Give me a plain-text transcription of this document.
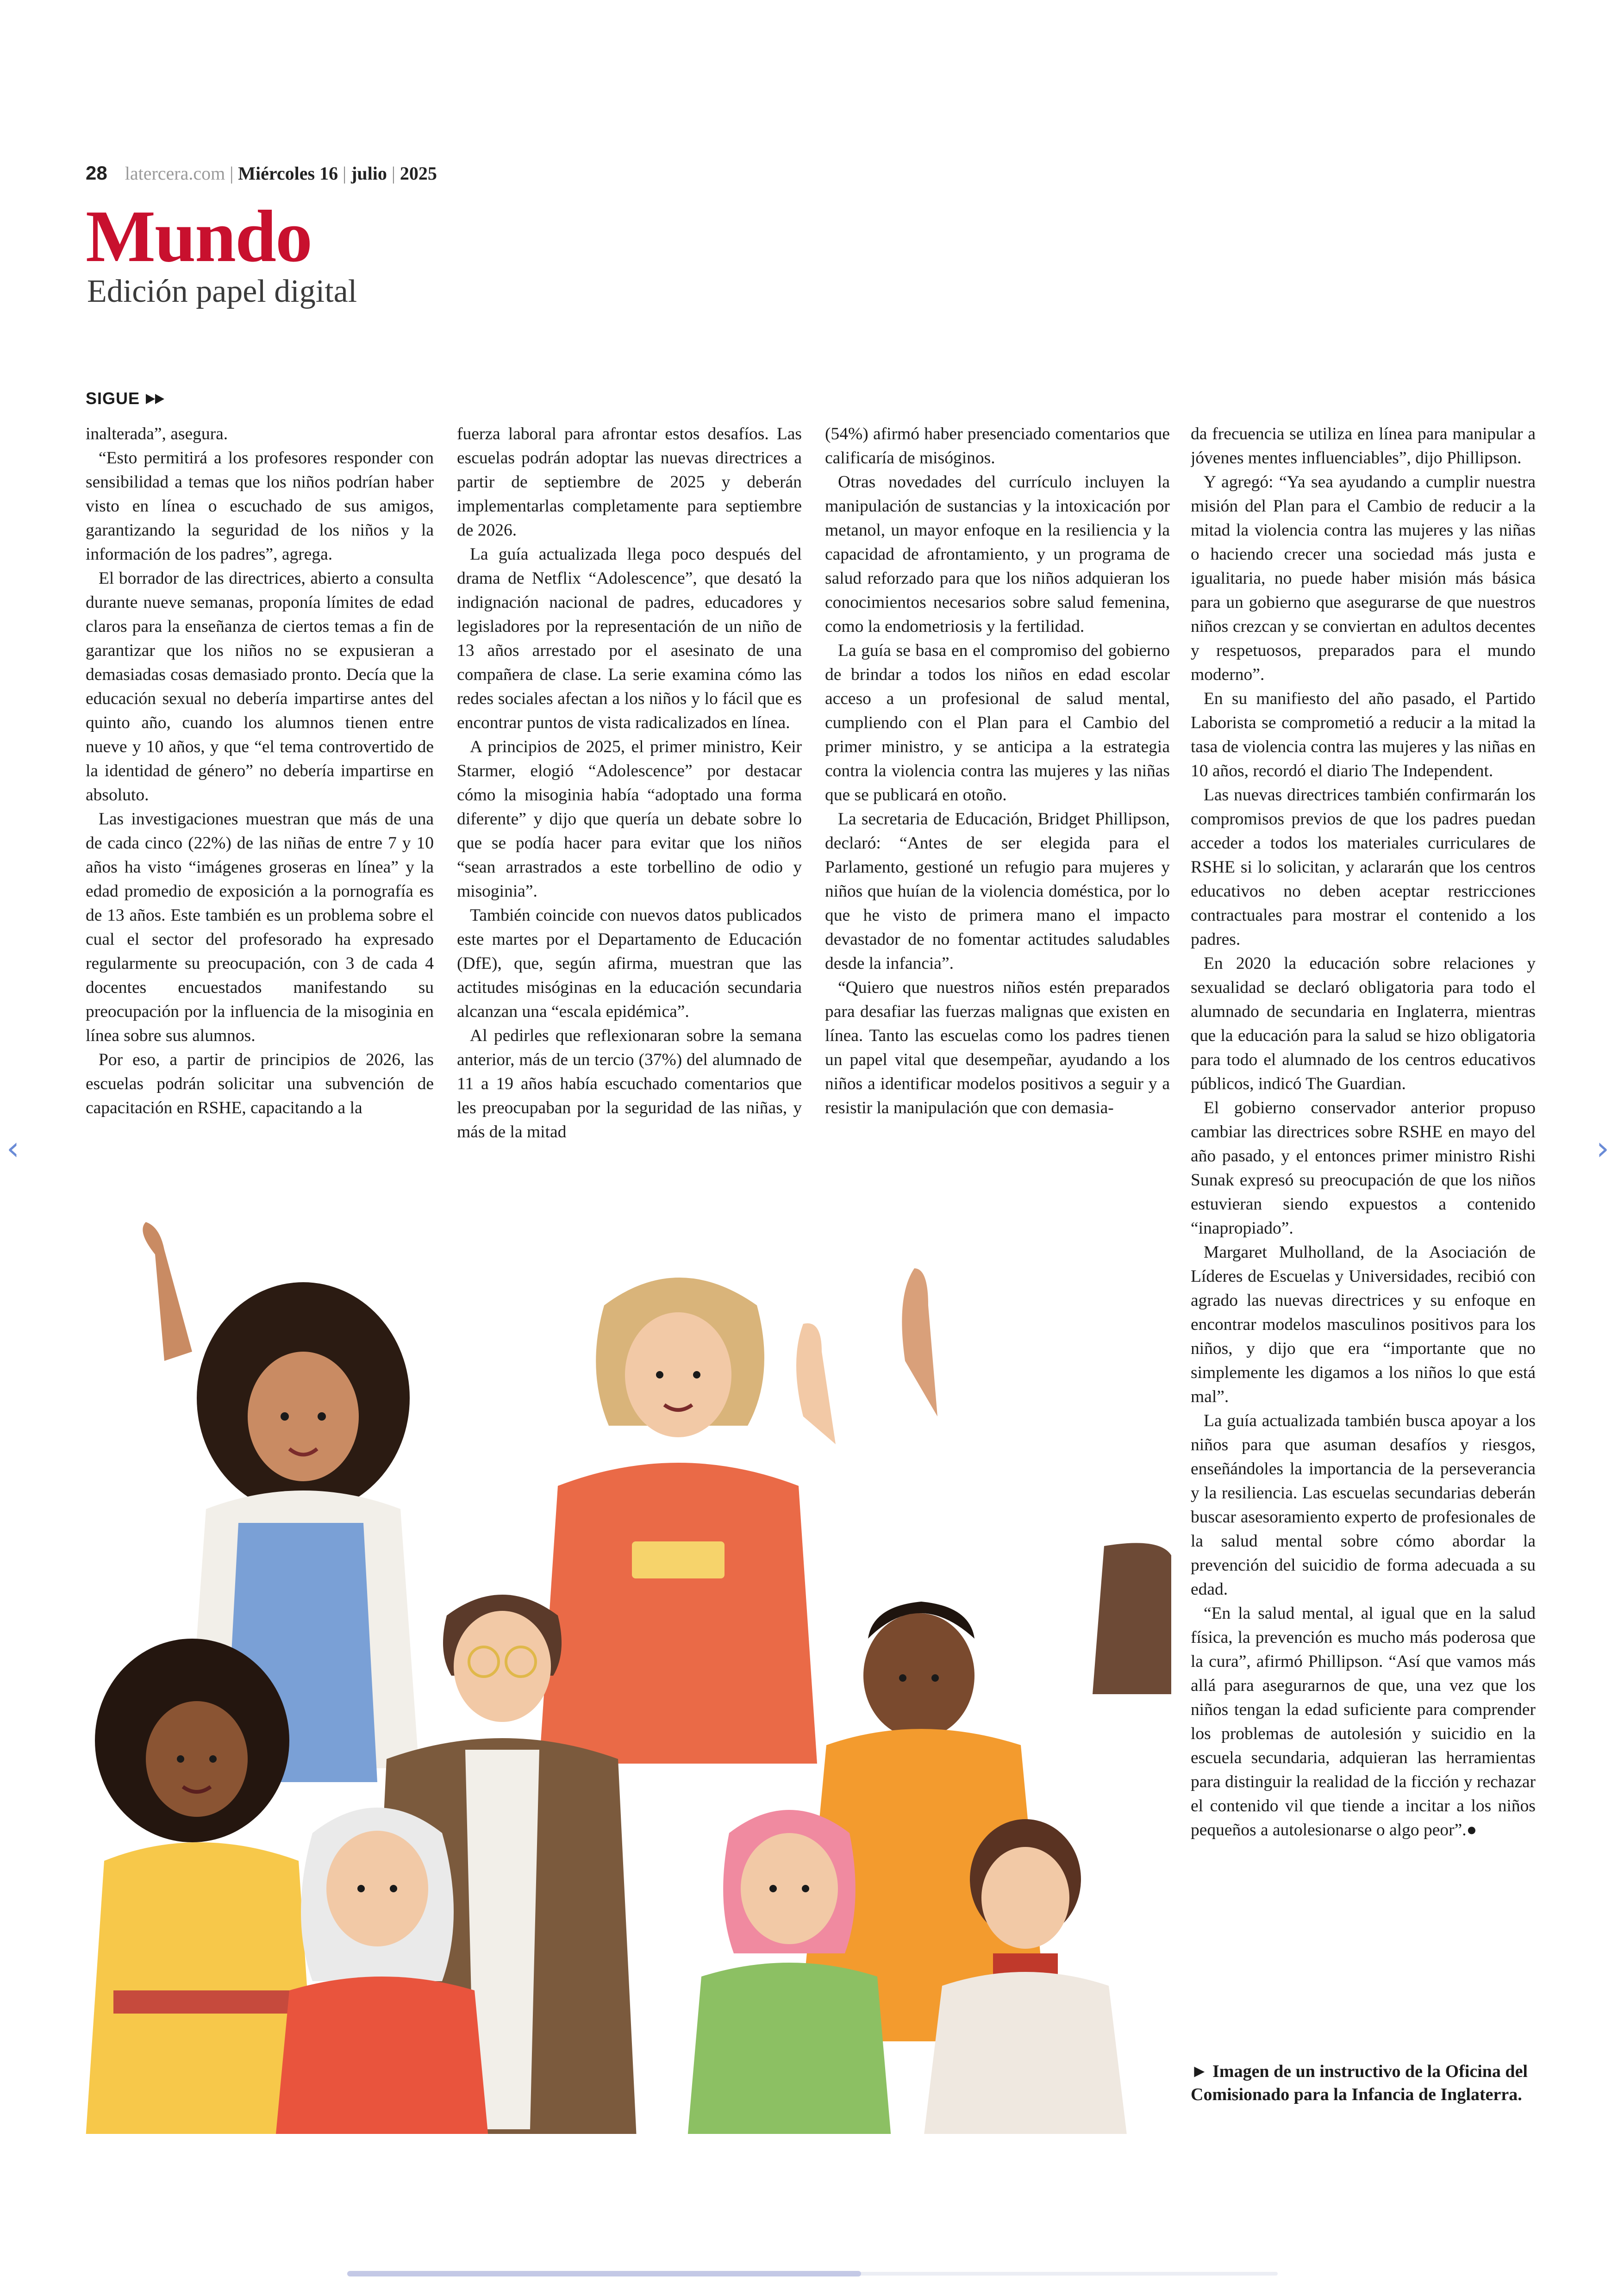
28 latercera.com | Miércoles 16 | julio | 2025
Mundo
Edición papel digital
SIGUE

inalterada”, asegura.

“Esto permitirá a los profesores responder con sensibilidad a temas que los niños podrían haber visto en línea o escuchado de sus amigos, garantizando la seguridad de los niños y la información de los padres”, agrega.

El borrador de las directrices, abierto a consulta durante nueve semanas, proponía límites de edad claros para la enseñanza de ciertos temas a fin de garantizar que los niños no se expusieran a demasiadas cosas demasiado pronto. Decía que la educación sexual no debería impartirse antes del quinto año, cuando los alumnos tienen entre nueve y 10 años, y que “el tema controvertido de la identidad de género” no debería impartirse en absoluto.

Las investigaciones muestran que más de una de cada cinco (22%) de las niñas de entre 7 y 10 años ha visto “imágenes groseras en línea” y la edad promedio de exposición a la pornografía es de 13 años. Este también es un problema sobre el cual el sector del profesorado ha expresado regularmente su preocupación, con 3 de cada 4 docentes encuestados manifestando su preocupación por la influencia de la misoginia en línea sobre sus alumnos.

Por eso, a partir de principios de 2026, las escuelas podrán solicitar una subvención de capacitación en RSHE, capacitando a la

fuerza laboral para afrontar estos desafíos. Las escuelas podrán adoptar las nuevas directrices a partir de septiembre de 2025 y deberán implementarlas completamente para septiembre de 2026.

La guía actualizada llega poco después del drama de Netflix “Adolescence”, que desató la indignación nacional de padres, educadores y legisladores por la representación de un niño de 13 años arrestado por el asesinato de una compañera de clase. La serie examina cómo las redes sociales afectan a los niños y lo fácil que es encontrar puntos de vista radicalizados en línea.

A principios de 2025, el primer ministro, Keir Starmer, elogió “Adolescence” por destacar cómo la misoginia había “adoptado una forma diferente” y dijo que quería un debate sobre lo que se podía hacer para evitar que los niños “sean arrastrados a este torbellino de odio y misoginia”.

También coincide con nuevos datos publicados este martes por el Departamento de Educación (DfE), que, según afirma, muestran que las actitudes misóginas en la educación secundaria alcanzan una “escala epidémica”.

Al pedirles que reflexionaran sobre la semana anterior, más de un tercio (37%) del alumnado de 11 a 19 años había escuchado comentarios que les preocupaban por la seguridad de las niñas, y más de la mitad

(54%) afirmó haber presenciado comentarios que calificaría de misóginos.

Otras novedades del currículo incluyen la manipulación de sustancias y la intoxicación por metanol, un mayor enfoque en la resiliencia y la capacidad de afrontamiento, y un programa de salud reforzado para que los niños adquieran los conocimientos necesarios sobre salud femenina, como la endometriosis y la fertilidad.

La guía se basa en el compromiso del gobierno de brindar a todos los niños en edad escolar acceso a un profesional de salud mental, cumpliendo con el Plan para el Cambio del primer ministro, y se anticipa a la estrategia contra la violencia contra las mujeres y las niñas que se publicará en otoño.

La secretaria de Educación, Bridget Phillipson, declaró: “Antes de ser elegida para el Parlamento, gestioné un refugio para mujeres y niños que huían de la violencia doméstica, por lo que he visto de primera mano el impacto devastador de no fomentar actitudes saludables desde la infancia”.

“Quiero que nuestros niños estén preparados para desafiar las fuerzas malignas que existen en línea. Tanto las escuelas como los padres tienen un papel vital que desempeñar, ayudando a los niños a identificar modelos positivos a seguir y a resistir la manipulación que con demasia-

da frecuencia se utiliza en línea para manipular a jóvenes mentes influenciables”, dijo Phillipson.

Y agregó: “Ya sea ayudando a cumplir nuestra misión del Plan para el Cambio de reducir a la mitad la violencia contra las mujeres y las niñas o haciendo crecer una sociedad más justa e igualitaria, no puede haber misión más básica para un gobierno que asegurarse de que nuestros niños crezcan y se conviertan en adultos decentes y respetuosos, preparados para el mundo moderno”.

En su manifiesto del año pasado, el Partido Laborista se comprometió a reducir a la mitad la tasa de violencia contra las mujeres y las niñas en 10 años, recordó el diario The Independent.

Las nuevas directrices también confirmarán los compromisos previos de que los padres puedan acceder a todos los materiales curriculares de RSHE si lo solicitan, y aclararán que los centros educativos no deben aceptar restricciones contractuales para mostrar el contenido a los padres.

En 2020 la educación sobre relaciones y sexualidad se declaró obligatoria para todo el alumnado de secundaria en Inglaterra, mientras que la educación para la salud se hizo obligatoria para todo el alumnado de los centros educativos públicos, indicó The Guardian.

El gobierno conservador anterior propuso cambiar las directrices sobre RSHE en mayo del año pasado, y el entonces primer ministro Rishi Sunak expresó su preocupación de que los niños estuvieran siendo expuestos a contenido “inapropiado”.

Margaret Mulholland, de la Asociación de Líderes de Escuelas y Universidades, recibió con agrado las nuevas directrices y su enfoque en encontrar modelos masculinos positivos para los niños, y dijo que era “importante que no simplemente les digamos a los niños lo que está mal”.

La guía actualizada también busca apoyar a los niños para que asuman desafíos y riesgos, enseñándoles la importancia de la perseverancia y la resiliencia. Las escuelas secundarias deberán buscar asesoramiento experto de profesionales de la salud mental sobre cómo abordar la prevención del suicidio de forma adecuada a su edad.

“En la salud mental, al igual que en la salud física, la prevención es mucho más poderosa que la cura”, afirmó Phillipson. “Así que vamos más allá para asegurarnos de que, una vez que los niños tengan la edad suficiente para comprender los problemas de autolesión y suicidio en la escuela secundaria, adquieran las herramientas para distinguir la realidad de la ficción y rechazar el contenido vil que tiende a incitar a los niños pequeños a autolesionarse o algo peor”.●

► Imagen de un instructivo de la Oficina del Comisionado para la Infancia de Inglaterra.
‹	›
